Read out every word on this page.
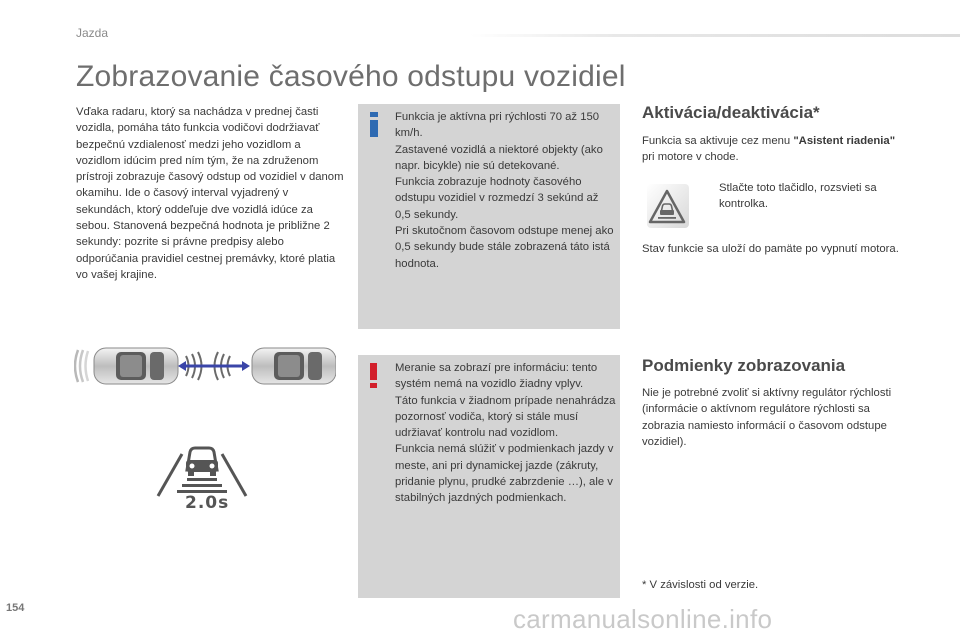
Jazda
Zobrazovanie časového odstupu vozidiel
Vďaka radaru, ktorý sa nachádza v prednej časti vozidla, pomáha táto funkcia vodičovi dodržiavať bezpečnú vzdialenosť medzi jeho vozidlom a vozidlom idúcim pred ním tým, že na združenom prístroji zobrazuje časový odstup od vozidiel v danom okamihu. Ide o časový interval vyjadrený v sekundách, ktorý oddeľuje dve vozidlá idúce za sebou. Stanovená bezpečná hodnota je približne 2 sekundy: pozrite si právne predpisy alebo odporúčania pravidiel cestnej premávky, ktoré platia vo vašej krajine.

Funkcia je aktívna pri rýchlosti 70 až 150 km/h.

Zastavené vozidlá a niektoré objekty (ako napr. bicykle) nie sú detekované.

Funkcia zobrazuje hodnoty časového odstupu vozidiel v rozmedzí 3 sekúnd až 0,5 sekundy.

Pri skutočnom časovom odstupe menej ako 0,5 sekundy bude stále zobrazená táto istá hodnota.

Meranie sa zobrazí pre informáciu: tento systém nemá na vozidlo žiadny vplyv.

Táto funkcia v žiadnom prípade nenahrádza pozornosť vodiča, ktorý si stále musí udržiavať kontrolu nad vozidlom.

Funkcia nemá slúžiť v podmienkach jazdy v meste, ani pri dynamickej jazde (zákruty, pridanie plynu, prudké zabrzdenie …), ale v stabilných jazdných podmienkach.

2.0s
Aktivácia/deaktivácia*
Funkcia sa aktivuje cez menu "Asistent riadenia" pri motore v chode.
Stlačte toto tlačidlo, rozsvieti sa kontrolka.
Stav funkcie sa uloží do pamäte po vypnutí motora.
Podmienky zobrazovania
Nie je potrebné zvoliť si aktívny regulátor rýchlosti (informácie o aktívnom regulátore rýchlosti sa zobrazia namiesto informácií o časovom odstupe vozidiel).
* V závislosti od verzie.
154	carmanualsonline.info
